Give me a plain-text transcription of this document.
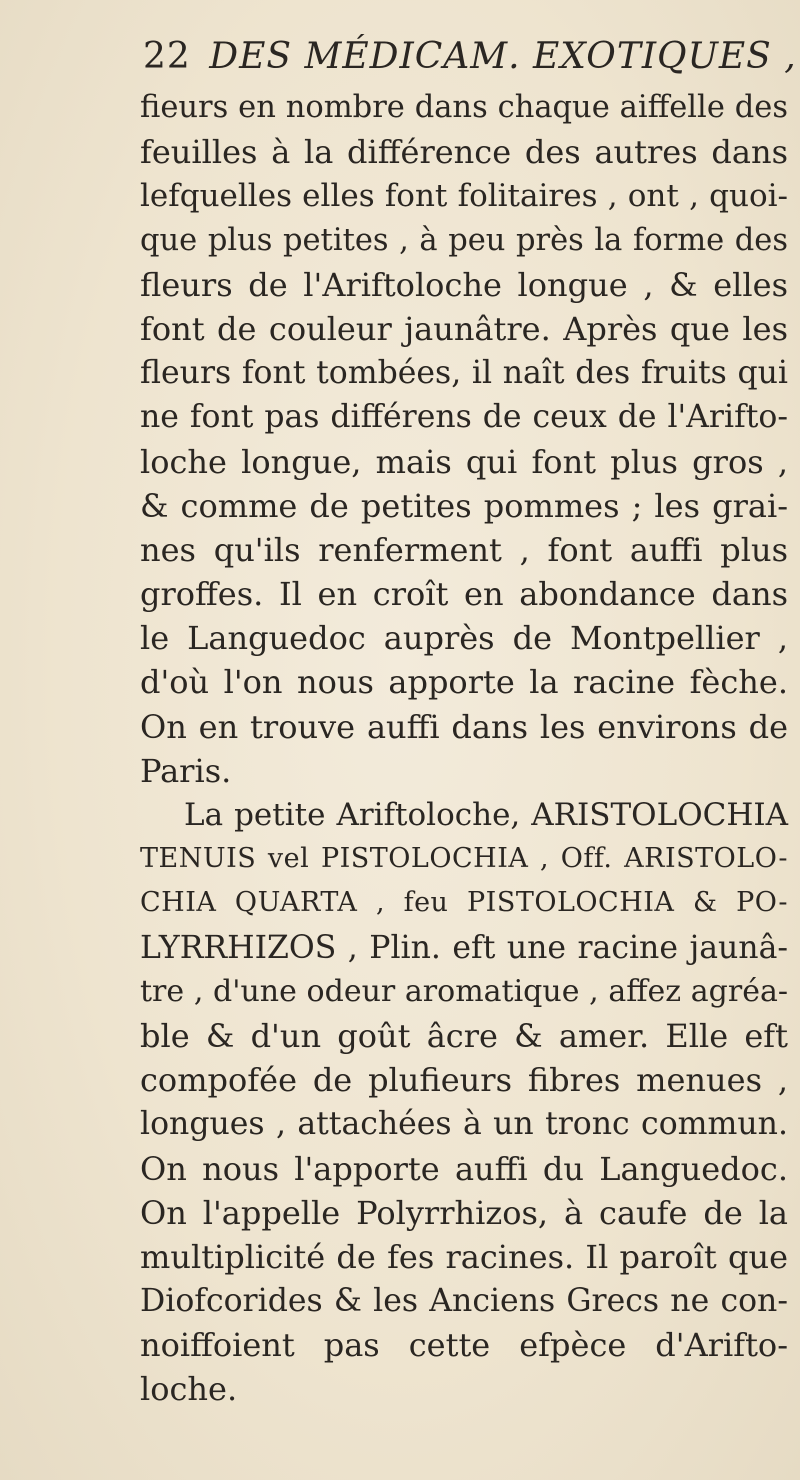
22 DES MÉDICAM. EXOTIQUES ,
fieurs en nombre dans chaque aiffelle des
feuilles à la différence des autres dans
lefquelles elles font folitaires , ont , quoi-
que plus petites , à peu près la forme des
fleurs de l'Ariftoloche longue , & elles
font de couleur jaunâtre. Après que les
fleurs font tombées, il naît des fruits qui
ne font pas différens de ceux de l'Arifto-
loche longue, mais qui font plus gros ,
& comme de petites pommes ; les grai-
nes qu'ils renferment , font auffi plus
groffes. Il en croît en abondance dans
le Languedoc auprès de Montpellier ,
d'où l'on nous apporte la racine fèche.
On en trouve auffi dans les environs de
Paris.
La petite Ariftoloche, ARISTOLOCHIA
TENUIS vel PISTOLOCHIA , Off. ARISTOLO-
CHIA QUARTA , feu PISTOLOCHIA & PO-
LYRRHIZOS , Plin. eft une racine jaunâ-
tre , d'une odeur aromatique , affez agréa-
ble & d'un goût âcre & amer. Elle eft
compofée de plufieurs fibres menues ,
longues , attachées à un tronc commun.
On nous l'apporte auffi du Languedoc.
On l'appelle Polyrrhizos, à caufe de la
multiplicité de fes racines. Il paroît que
Diofcorides & les Anciens Grecs ne con-
noiffoient pas cette efpèce d'Arifto-
loche.
